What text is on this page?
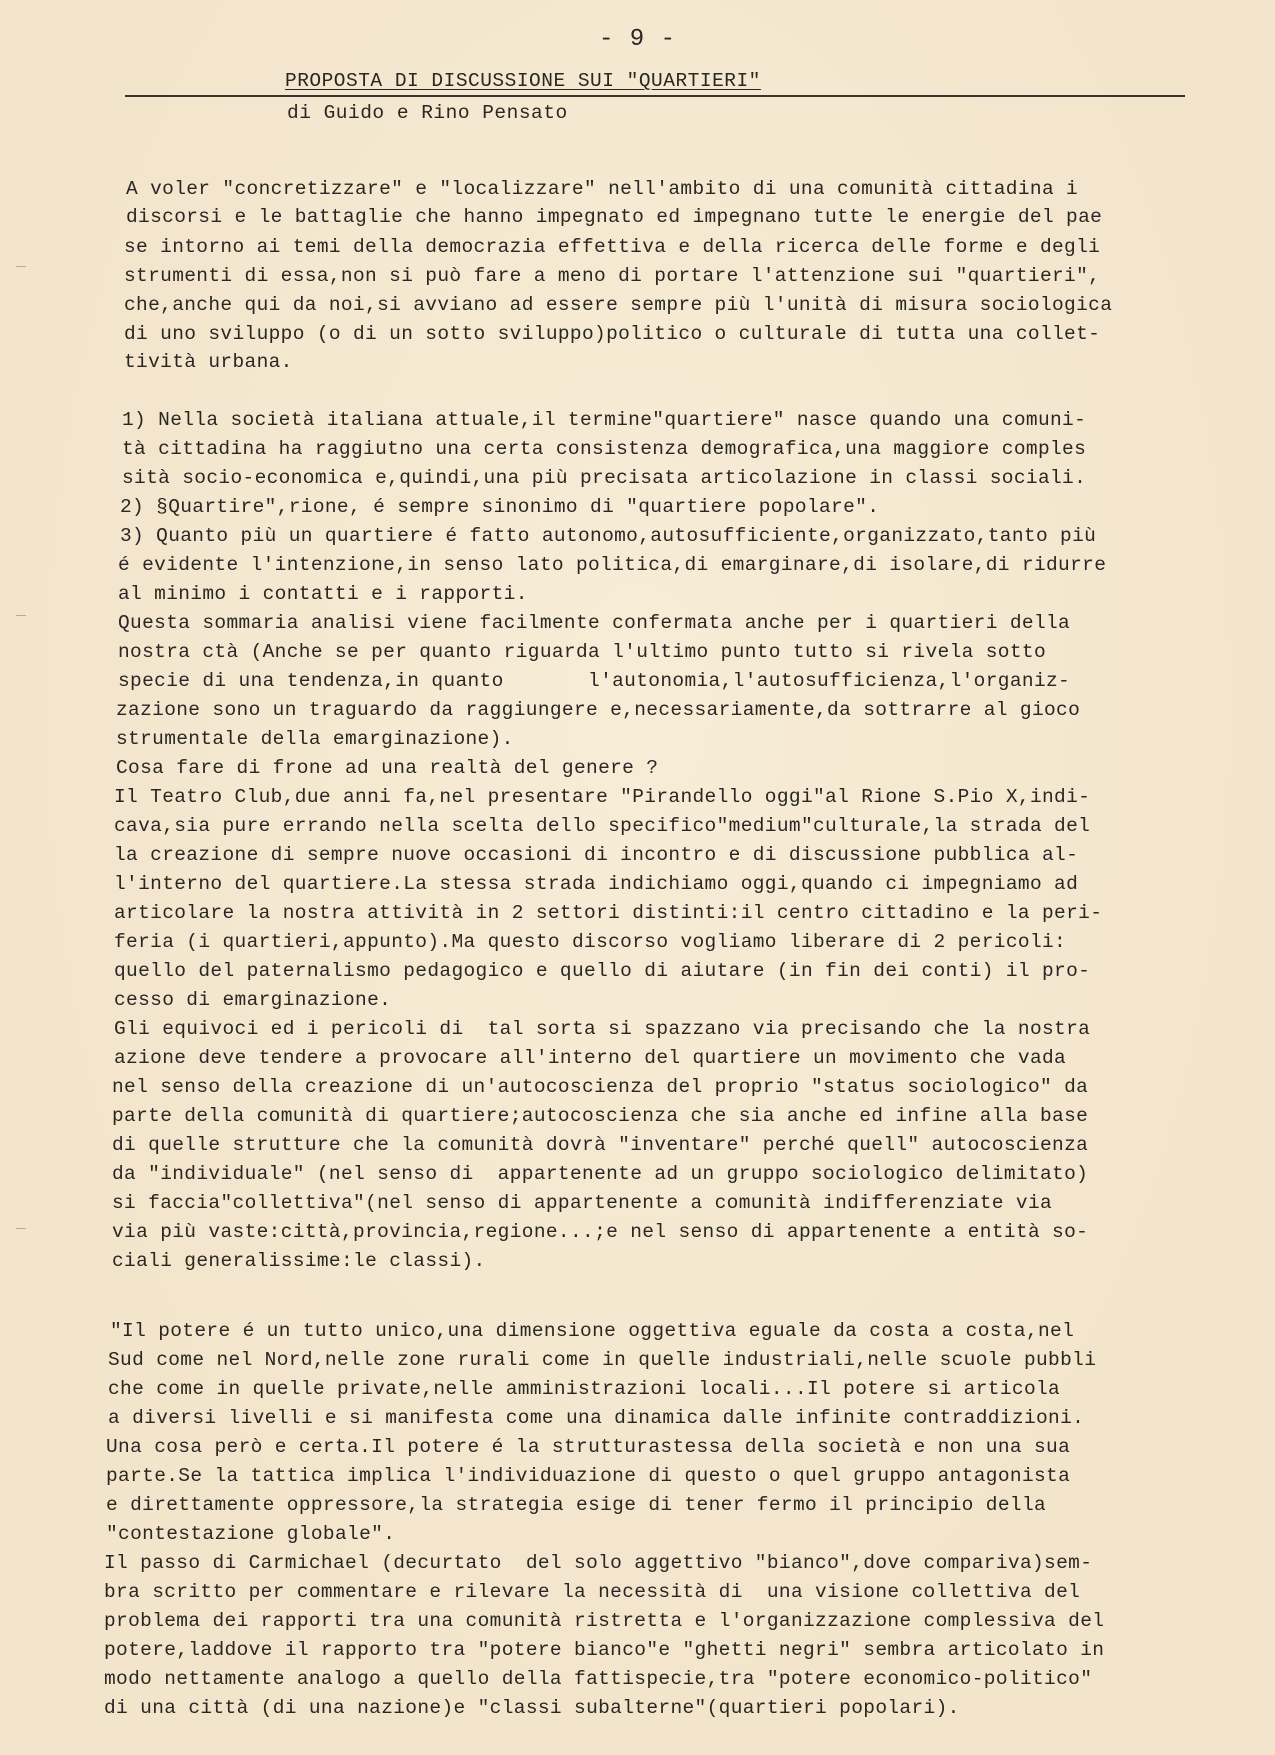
- 9 -
PROPOSTA DI DISCUSSIONE SUI "QUARTIERI"
di Guido e Rino Pensato
A voler "concretizzare" e "localizzare" nell'ambito di una comunità cittadina i
discorsi e le battaglie che hanno impegnato ed impegnano tutte le energie del pae
se intorno ai temi della democrazia effettiva e della ricerca delle forme e degli
strumenti di essa,non si può fare a meno di portare l'attenzione sui "quartieri",
che,anche qui da noi,si avviano ad essere sempre più l'unità di misura sociologica
di uno sviluppo (o di un sotto sviluppo)politico o culturale di tutta una collet-
tività urbana.
1) Nella società italiana attuale,il termine"quartiere" nasce quando una comuni-
tà cittadina ha raggiutno una certa consistenza demografica,una maggiore comples
sità socio-economica e,quindi,una più precisata articolazione in classi sociali.
2) §Quartire",rione, é sempre sinonimo di "quartiere popolare".
3) Quanto più un quartiere é fatto autonomo,autosufficiente,organizzato,tanto più
é evidente l'intenzione,in senso lato politica,di emarginare,di isolare,di ridurre
al minimo i contatti e i rapporti.
Questa sommaria analisi viene facilmente confermata anche per i quartieri della
nostra ctà (Anche se per quanto riguarda l'ultimo punto tutto si rivela sotto
specie di una tendenza,in quanto       l'autonomia,l'autosufficienza,l'organiz-
zazione sono un traguardo da raggiungere e,necessariamente,da sottrarre al gioco
strumentale della emarginazione).
Cosa fare di frone ad una realtà del genere ?
Il Teatro Club,due anni fa,nel presentare "Pirandello oggi"al Rione S.Pio X,indi-
cava,sia pure errando nella scelta dello specifico"medium"culturale,la strada del
la creazione di sempre nuove occasioni di incontro e di discussione pubblica al-
l'interno del quartiere.La stessa strada indichiamo oggi,quando ci impegniamo ad
articolare la nostra attività in 2 settori distinti:il centro cittadino e la peri-
feria (i quartieri,appunto).Ma questo discorso vogliamo liberare di 2 pericoli:
quello del paternalismo pedagogico e quello di aiutare (in fin dei conti) il pro-
cesso di emarginazione.
Gli equivoci ed i pericoli di  tal sorta si spazzano via precisando che la nostra
azione deve tendere a provocare all'interno del quartiere un movimento che vada
nel senso della creazione di un'autocoscienza del proprio "status sociologico" da
parte della comunità di quartiere;autocoscienza che sia anche ed infine alla base
di quelle strutture che la comunità dovrà "inventare" perché quell" autocoscienza
da "individuale" (nel senso di  appartenente ad un gruppo sociologico delimitato)
si faccia"collettiva"(nel senso di appartenente a comunità indifferenziate via
via più vaste:città,provincia,regione...;e nel senso di appartenente a entità so-
ciali generalissime:le classi).
"Il potere é un tutto unico,una dimensione oggettiva eguale da costa a costa,nel
Sud come nel Nord,nelle zone rurali come in quelle industriali,nelle scuole pubbli
che come in quelle private,nelle amministrazioni locali...Il potere si articola
a diversi livelli e si manifesta come una dinamica dalle infinite contraddizioni.
Una cosa però e certa.Il potere é la strutturastessa della società e non una sua
parte.Se la tattica implica l'individuazione di questo o quel gruppo antagonista
e direttamente oppressore,la strategia esige di tener fermo il principio della
"contestazione globale".
Il passo di Carmichael (decurtato  del solo aggettivo "bianco",dove compariva)sem-
bra scritto per commentare e rilevare la necessità di  una visione collettiva del
problema dei rapporti tra una comunità ristretta e l'organizzazione complessiva del
potere,laddove il rapporto tra "potere bianco"e "ghetti negri" sembra articolato in
modo nettamente analogo a quello della fattispecie,tra "potere economico-politico"
di una città (di una nazione)e "classi subalterne"(quartieri popolari).
